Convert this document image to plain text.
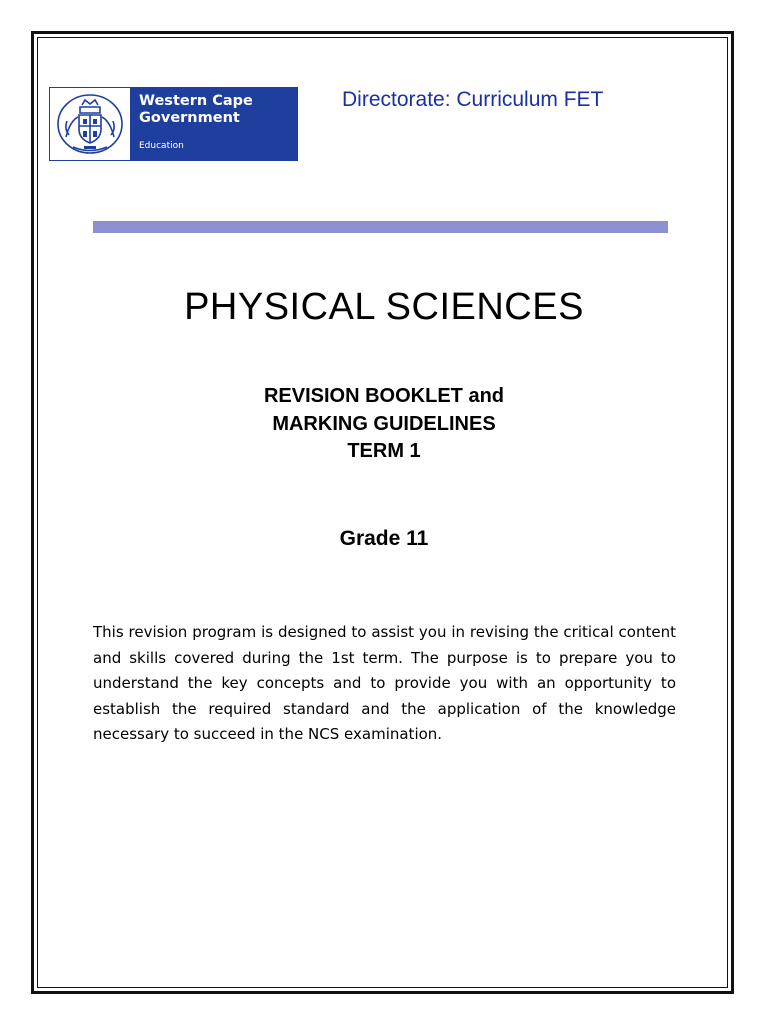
Western Cape
Government
Education
Directorate: Curriculum FET
PHYSICAL SCIENCES
REVISION BOOKLET and
MARKING GUIDELINES
TERM 1
Grade 11

This revision program is designed to assist you in revising the critical content and skills covered during the 1st term. The purpose is to prepare you to understand the key concepts and to provide you with an opportunity to establish the required standard and the application of the knowledge necessary to succeed in the NCS examination.
